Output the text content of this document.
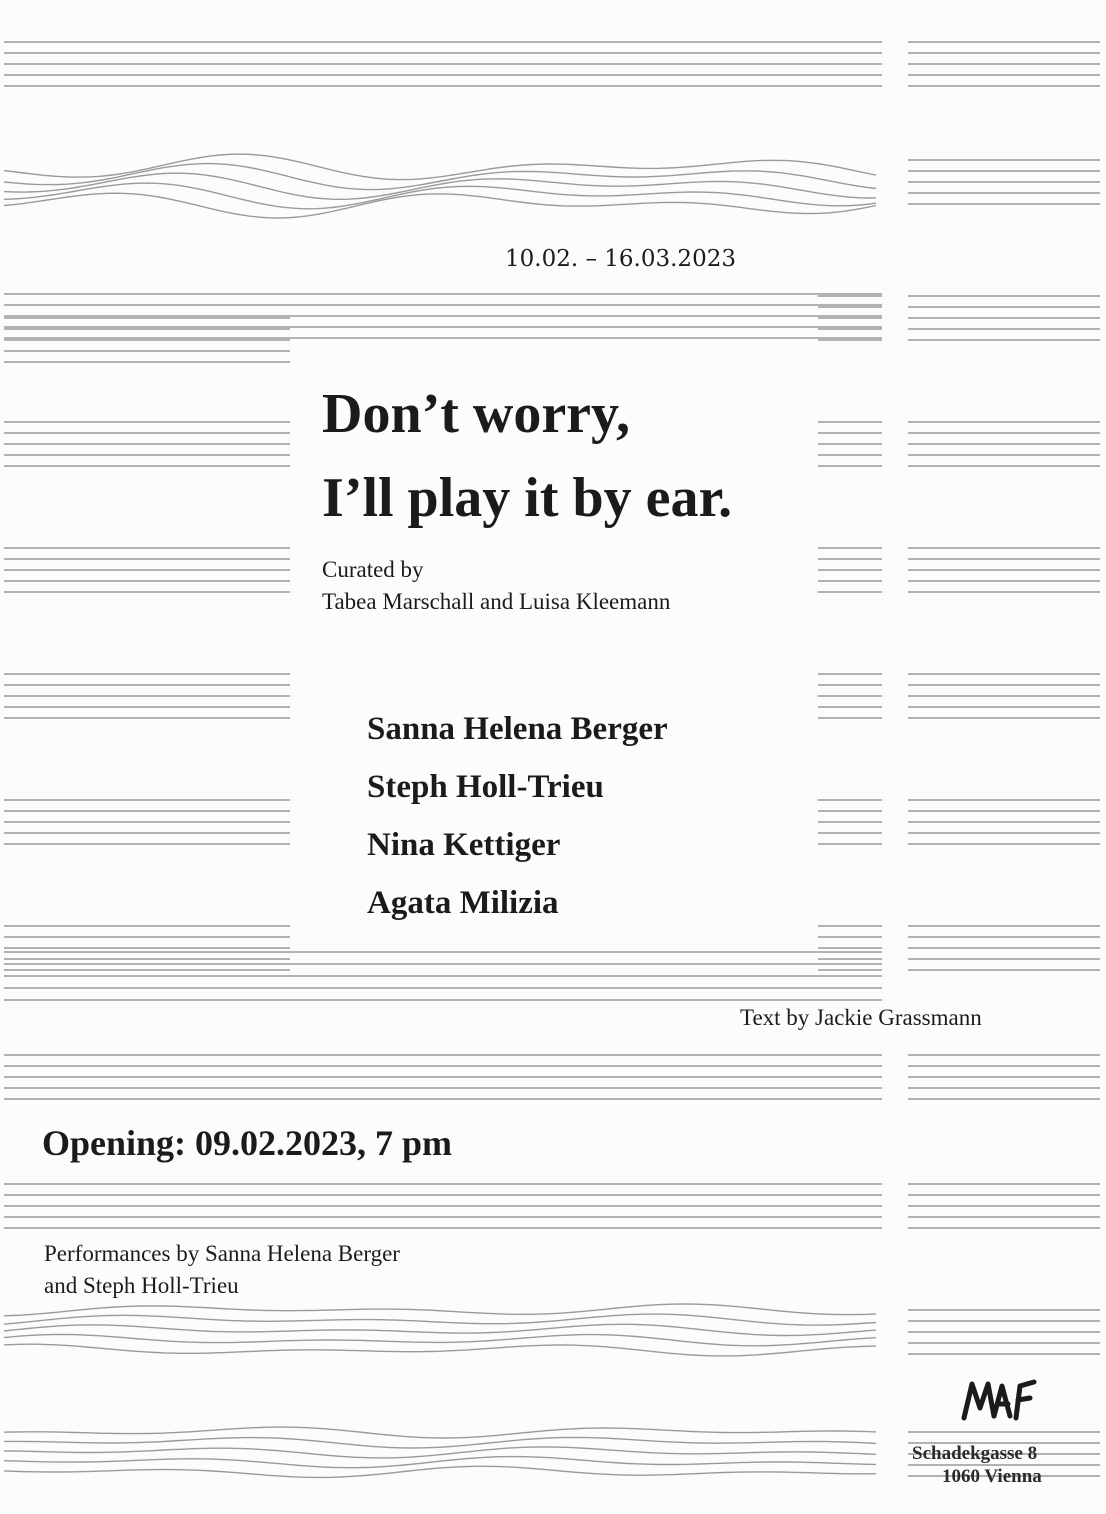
10.02. – 16.03.2023
Don’t worry,
I’ll play it by ear.
Curated by
Tabea Marschall and Luisa Kleemann
Sanna Helena Berger
Steph Holl-Trieu
Nina Kettiger
Agata Milizia
Text by Jackie Grassmann
Opening: 09.02.2023, 7 pm
Performances by Sanna Helena Berger
and Steph Holl-Trieu
Schadekgasse 8
1060 Vienna
